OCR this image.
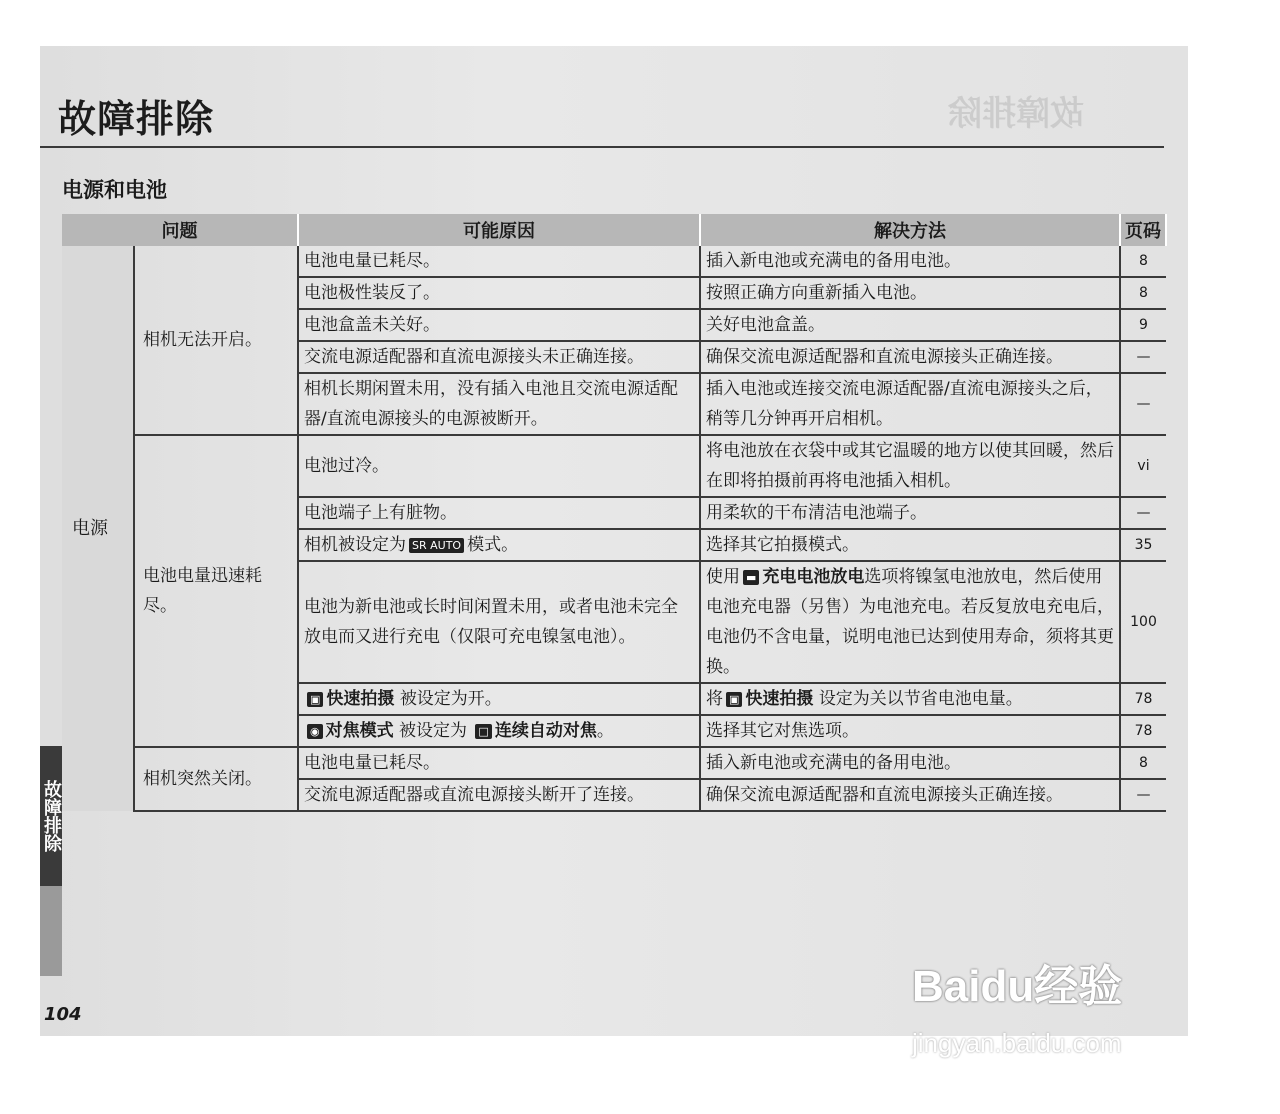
故障排除
故障排除
电源和电池
问题		可能原因	解决方法	页码
电源	相机无法开启。	电池电量已耗尽。	插入新电池或充满电的备用电池。	8
		电池极性装反了。	按照正确方向重新插入电池。	8
		电池盒盖未关好。	关好电池盒盖。	9
		交流电源适配器和直流电源接头未正确连接。	确保交流电源适配器和直流电源接头正确连接。	—
		相机长期闲置未用，没有插入电池且交流电源适配器/直流电源接头的电源被断开。	插入电池或连接交流电源适配器/直流电源接头之后，稍等几分钟再开启相机。	—
	电池电量迅速耗尽。	电池过冷。	将电池放在衣袋中或其它温暖的地方以使其回暖，然后在即将拍摄前再将电池插入相机。	vi
		电池端子上有脏物。	用柔软的干布清洁电池端子。	—
		相机被设定为 SR AUTO 模式。	选择其它拍摄模式。	35
		电池为新电池或长时间闲置未用，或者电池未完全放电而又进行充电（仅限可充电镍氢电池）。	使用 ▬ 充电电池放电选项将镍氢电池放电，然后使用电池充电器（另售）为电池充电。若反复放电充电后，电池仍不含电量，说明电池已达到使用寿命，须将其更换。	100
		▣ 快速拍摄 被设定为开。	将 ▣ 快速拍摄 设定为关以节省电池电量。	78
		◉ 对焦模式 被设定为 □ 连续自动对焦。	选择其它对焦选项。	78
	相机突然关闭。	电池电量已耗尽。	插入新电池或充满电的备用电池。	8
		交流电源适配器或直流电源接头断开了连接。	确保交流电源适配器和直流电源接头正确连接。	—
故障排除
104
Baidu经验
jingyan.baidu.com
